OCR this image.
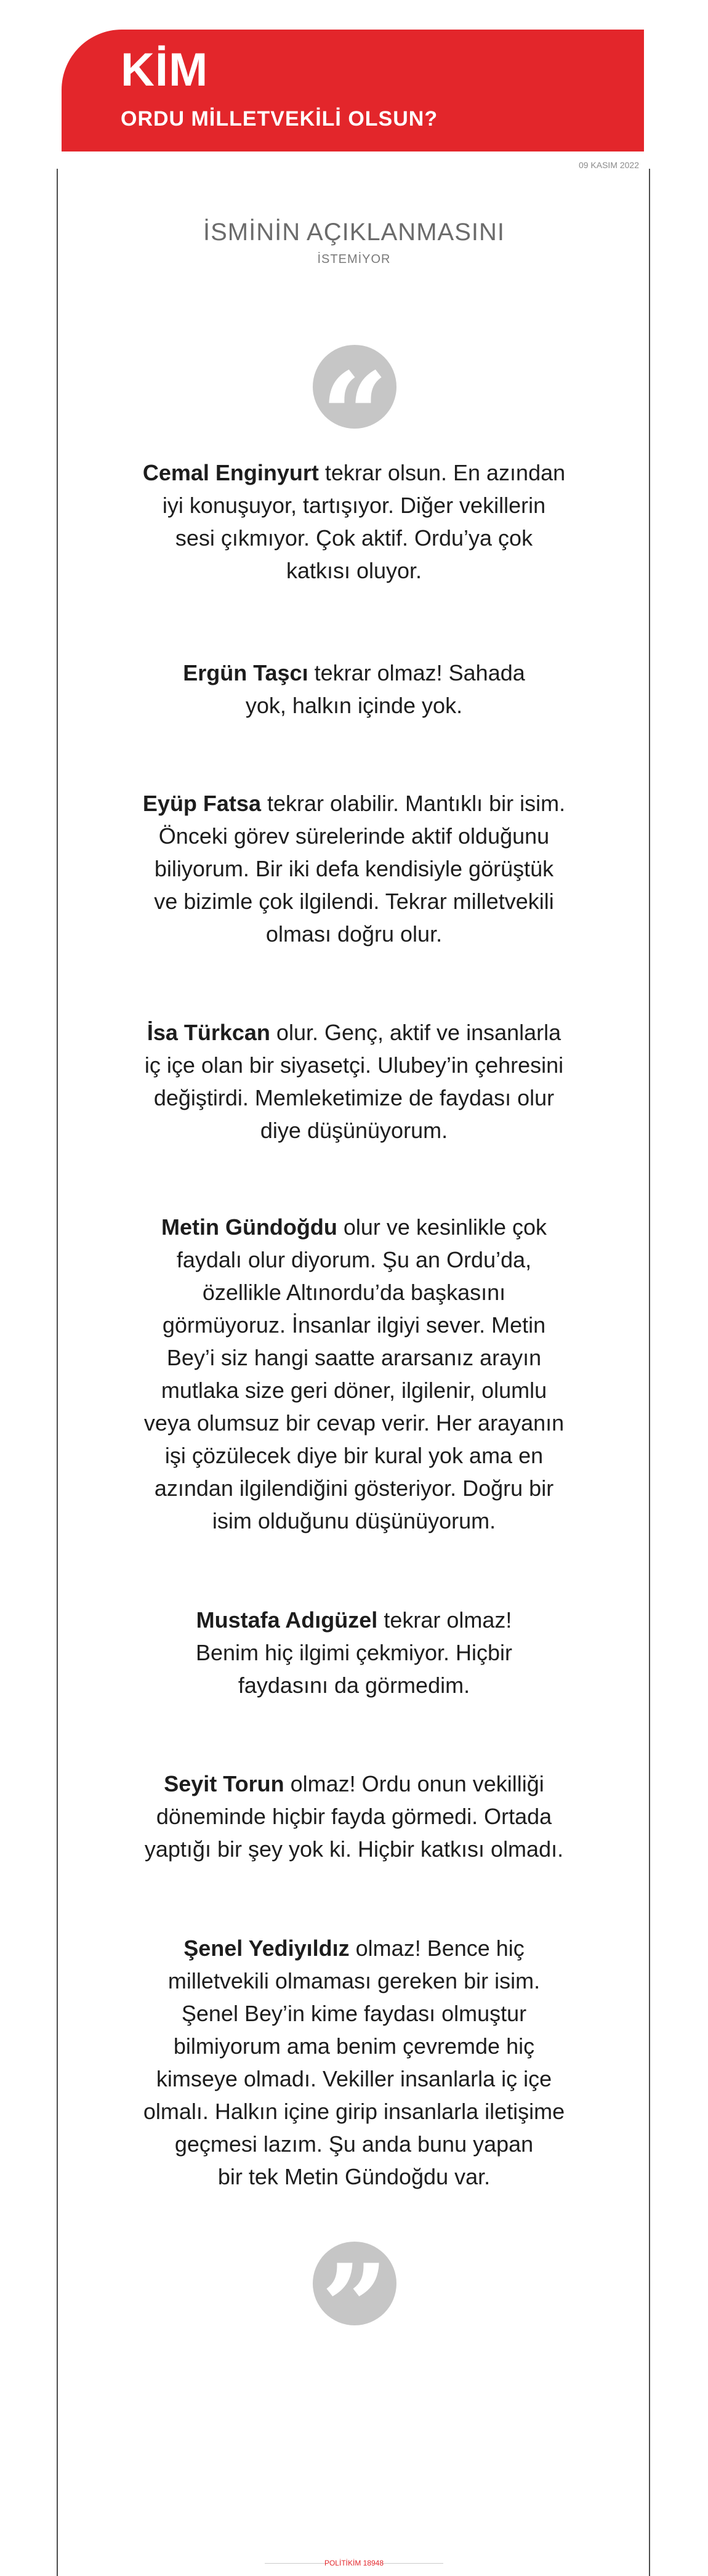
KİM
ORDU MİLLETVEKİLİ OLSUN?
09 KASIM 2022
İSMİNİN AÇIKLANMASINI
İSTEMİYOR
“
Cemal Enginyurt tekrar olsun. En azından
iyi konuşuyor, tartışıyor. Diğer vekillerin
sesi çıkmıyor. Çok aktif. Ordu’ya çok
katkısı oluyor.
Ergün Taşcı tekrar olmaz! Sahada
yok, halkın içinde yok.
Eyüp Fatsa tekrar olabilir. Mantıklı bir isim.
Önceki görev sürelerinde aktif olduğunu
biliyorum. Bir iki defa kendisiyle görüştük
ve bizimle çok ilgilendi. Tekrar milletvekili
olması doğru olur.
İsa Türkcan olur. Genç, aktif ve insanlarla
iç içe olan bir siyasetçi. Ulubey’in çehresini
değiştirdi. Memleketimize de faydası olur
diye düşünüyorum.
Metin Gündoğdu olur ve kesinlikle çok
faydalı olur diyorum. Şu an Ordu’da,
özellikle Altınordu’da başkasını
görmüyoruz. İnsanlar ilgiyi sever. Metin
Bey’i siz hangi saatte ararsanız arayın
mutlaka size geri döner, ilgilenir, olumlu
veya olumsuz bir cevap verir. Her arayanın
işi çözülecek diye bir kural yok ama en
azından ilgilendiğini gösteriyor. Doğru bir
isim olduğunu düşünüyorum.
Mustafa Adıgüzel tekrar olmaz!
Benim hiç ilgimi çekmiyor. Hiçbir
faydasını da görmedim.
Seyit Torun olmaz! Ordu onun vekilliği
döneminde hiçbir fayda görmedi. Ortada
yaptığı bir şey yok ki. Hiçbir katkısı olmadı.
Şenel Yediyıldız olmaz! Bence hiç
milletvekili olmaması gereken bir isim.
Şenel Bey’in kime faydası olmuştur
bilmiyorum ama benim çevremde hiç
kimseye olmadı. Vekiller insanlarla iç içe
olmalı. Halkın içine girip insanlarla iletişime
geçmesi lazım. Şu anda bunu yapan
bir tek Metin Gündoğdu var.
”
POLİTİKİM 18948
